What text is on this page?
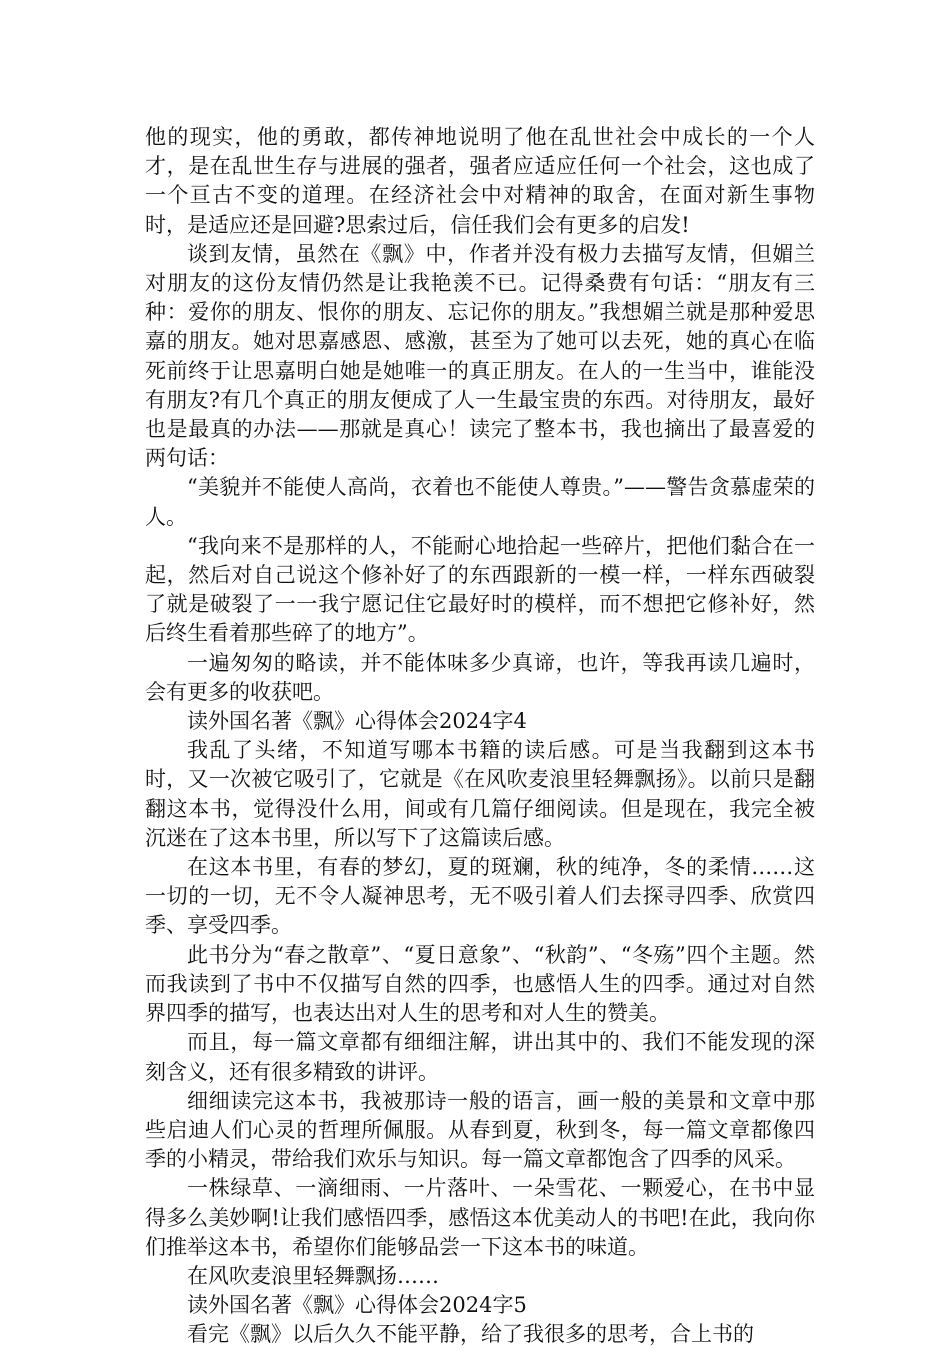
他的现实，他的勇敢，都传神地说明了他在乱世社会中成长的一个人才，是在乱世生存与进展的强者，强者应适应任何一个社会，这也成了一个亘古不变的道理。在经济社会中对精神的取舍，在面对新生事物时，是适应还是回避?思索过后，信任我们会有更多的启发!

谈到友情，虽然在《飘》中，作者并没有极力去描写友情，但媚兰对朋友的这份友情仍然是让我艳羡不已。记得桑费有句话：“朋友有三种：爱你的朋友、恨你的朋友、忘记你的朋友。”我想媚兰就是那种爱思嘉的朋友。她对思嘉感恩、感激，甚至为了她可以去死，她的真心在临死前终于让思嘉明白她是她唯一的真正朋友。在人的一生当中，谁能没有朋友?有几个真正的朋友便成了人一生最宝贵的东西。对待朋友，最好也是最真的办法——那就是真心！读完了整本书，我也摘出了最喜爱的两句话：

“美貌并不能使人高尚，衣着也不能使人尊贵。”——警告贪慕虚荣的人。

“我向来不是那样的人，不能耐心地拾起一些碎片，把他们黏合在一起，然后对自己说这个修补好了的东西跟新的一模一样，一样东西破裂了就是破裂了一一我宁愿记住它最好时的模样，而不想把它修补好，然后终生看着那些碎了的地方”。

一遍匆匆的略读，并不能体味多少真谛，也许，等我再读几遍时，会有更多的收获吧。

读外国名著《飘》心得体会2024字4

我乱了头绪，不知道写哪本书籍的读后感。可是当我翻到这本书时，又一次被它吸引了，它就是《在风吹麦浪里轻舞飘扬》。以前只是翻翻这本书，觉得没什么用，间或有几篇仔细阅读。但是现在，我完全被沉迷在了这本书里，所以写下了这篇读后感。

在这本书里，有春的梦幻，夏的斑斓，秋的纯净，冬的柔情……这一切的一切，无不令人凝神思考，无不吸引着人们去探寻四季、欣赏四季、享受四季。

此书分为“春之散章”、“夏日意象”、“秋韵”、“冬殇”四个主题。然而我读到了书中不仅描写自然的四季，也感悟人生的四季。通过对自然界四季的描写，也表达出对人生的思考和对人生的赞美。

而且，每一篇文章都有细细注解，讲出其中的、我们不能发现的深刻含义，还有很多精致的讲评。

细细读完这本书，我被那诗一般的语言，画一般的美景和文章中那些启迪人们心灵的哲理所佩服。从春到夏，秋到冬，每一篇文章都像四季的小精灵，带给我们欢乐与知识。每一篇文章都饱含了四季的风采。

一株绿草、一滴细雨、一片落叶、一朵雪花、一颗爱心，在书中显得多么美妙啊!让我们感悟四季，感悟这本优美动人的书吧!在此，我向你们推举这本书，希望你们能够品尝一下这本书的味道。

在风吹麦浪里轻舞飘扬……

读外国名著《飘》心得体会2024字5

看完《飘》以后久久不能平静，给了我很多的思考，合上书的
